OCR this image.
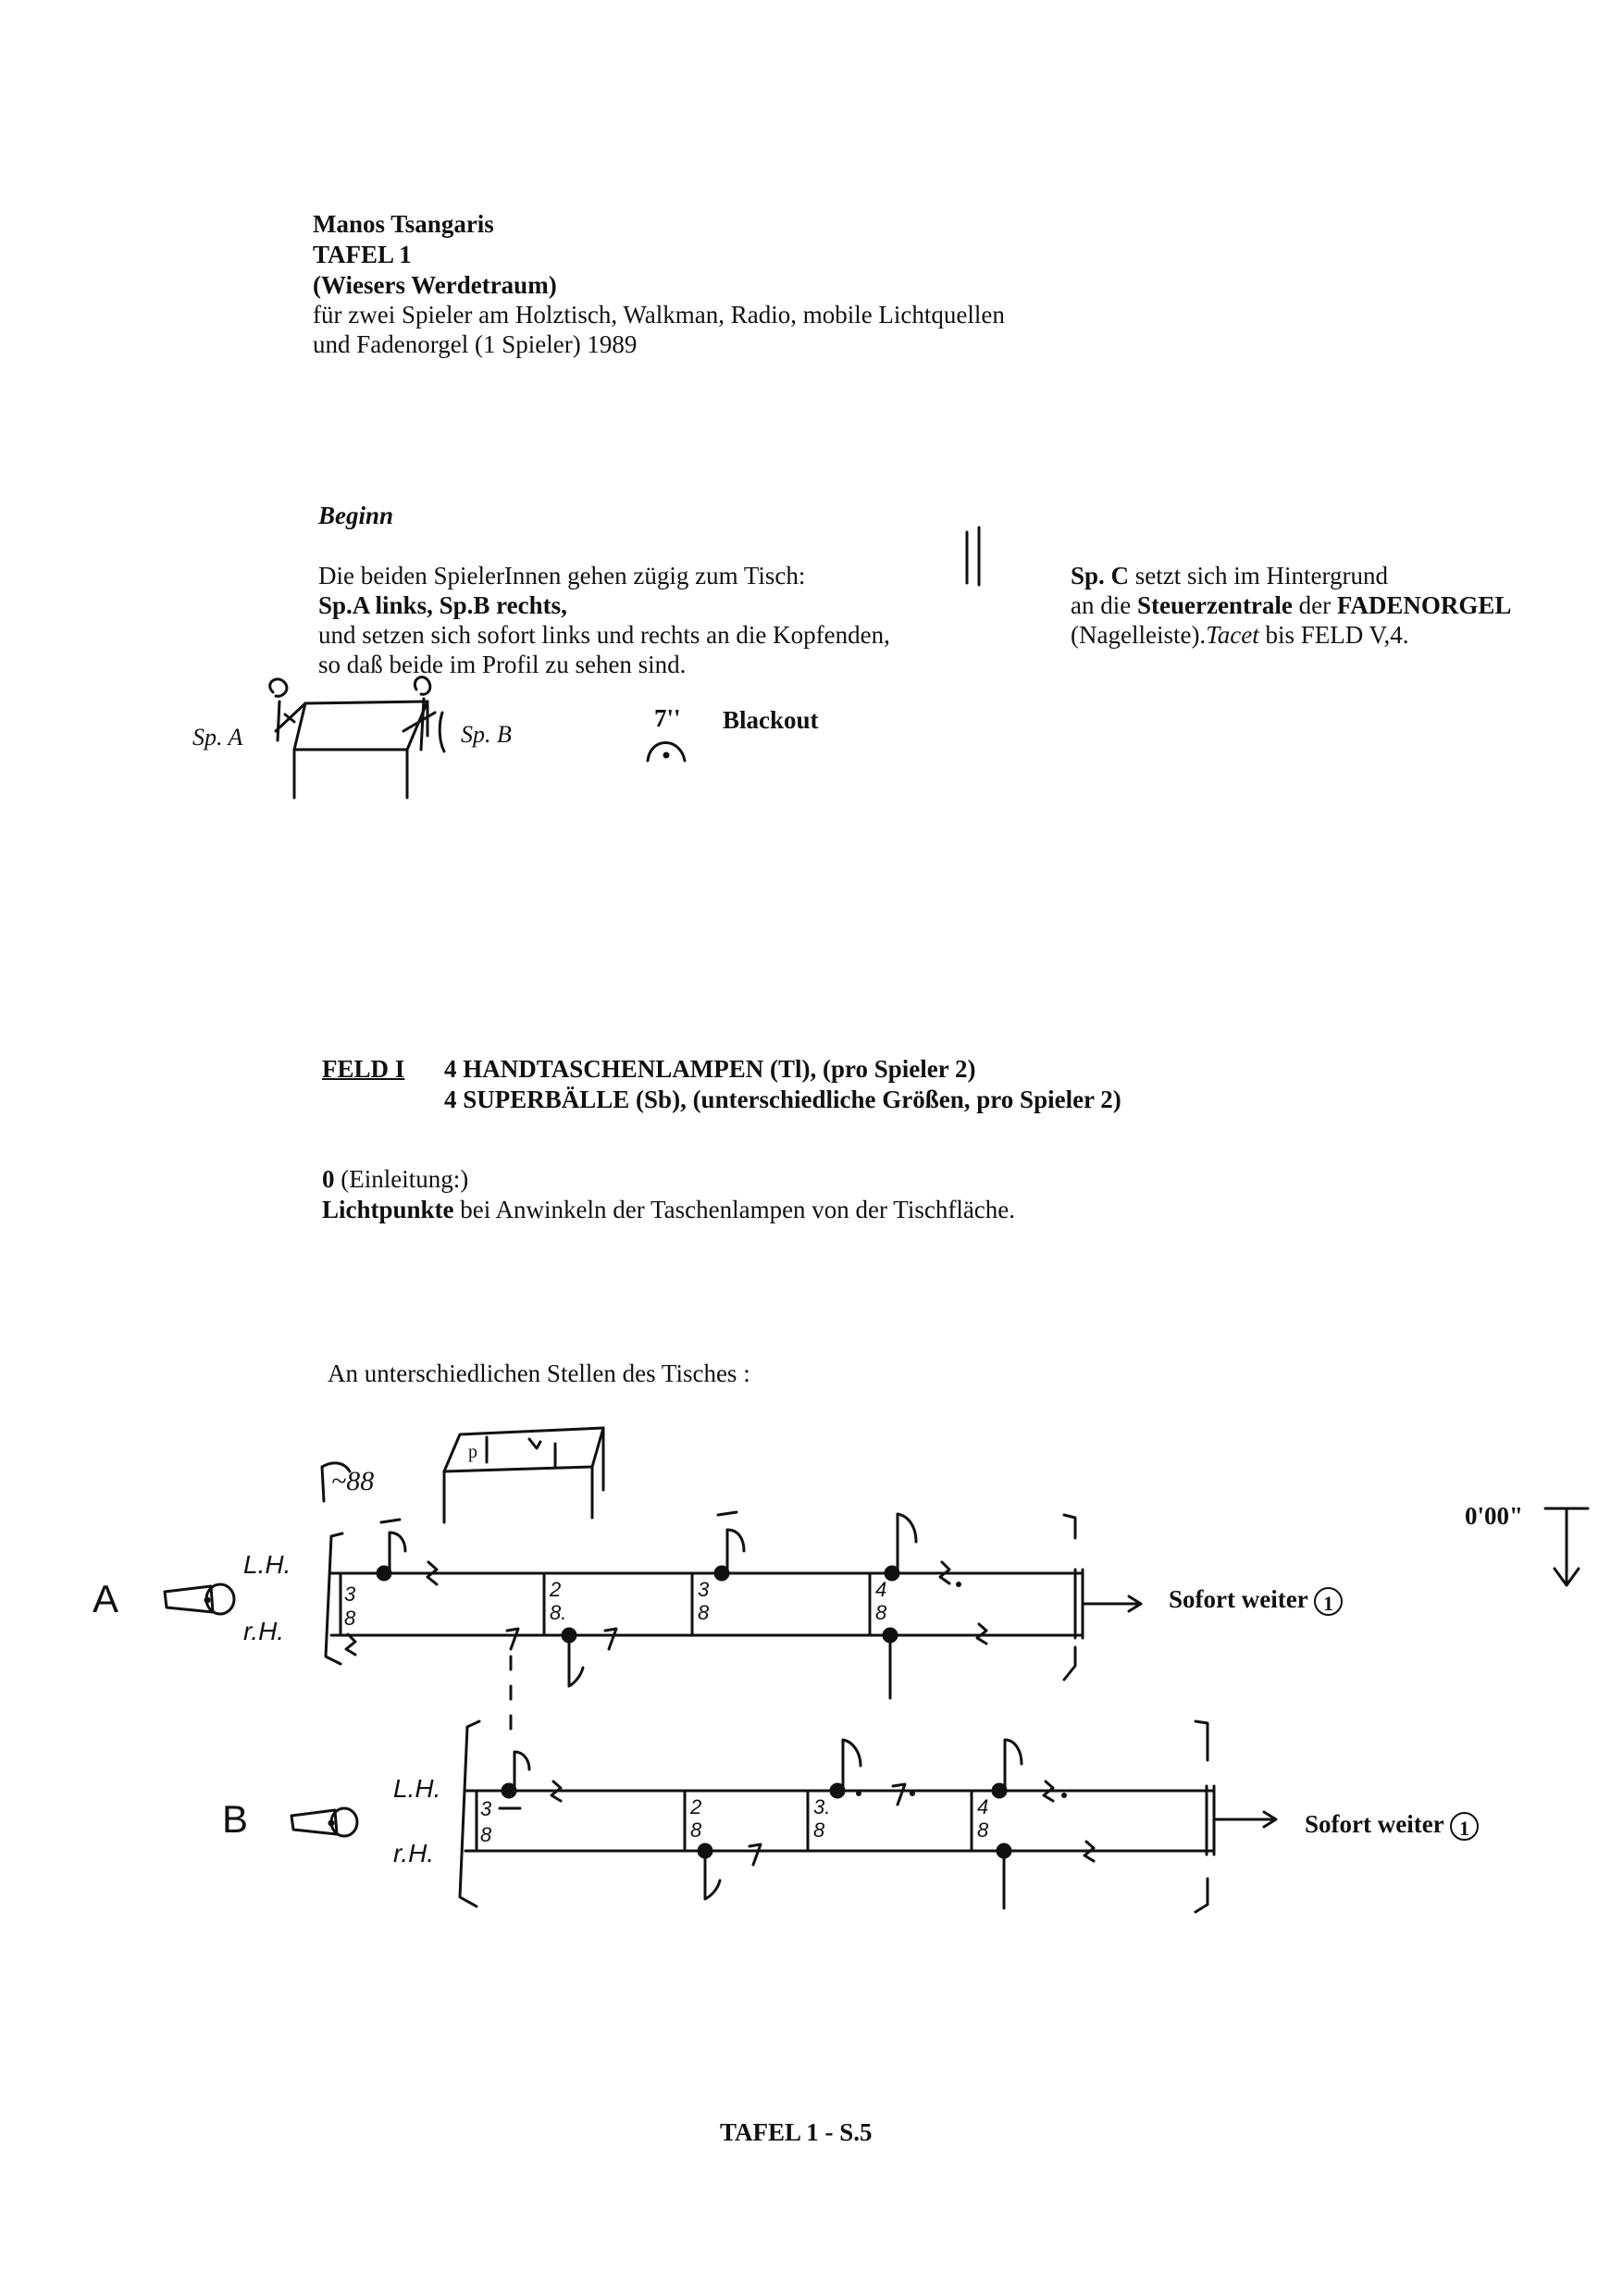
Manos Tsangaris
TAFEL 1
(Wiesers Werdetraum)
für zwei Spieler am Holztisch, Walkman, Radio, mobile Lichtquellen
und Fadenorgel (1 Spieler) 1989
Beginn
Die beiden SpielerInnen gehen zügig zum Tisch:
Sp.A links, Sp.B rechts,
und setzen sich sofort links und rechts an die Kopfenden,
so daß beide im Profil zu sehen sind.
Sp. C setzt sich im Hintergrund
an die Steuerzentrale der FADENORGEL
(Nagelleiste).Tacet bis FELD V,4.
Blackout
FELD I 4 HANDTASCHENLAMPEN (Tl), (pro Spieler 2)
4 SUPERBÄLLE (Sb), (unterschiedliche Größen, pro Spieler 2)
0 (Einleitung:)
Lichtpunkte bei Anwinkeln der Taschenlampen von der Tischfläche.
An unterschiedlichen Stellen des Tisches :
0'00"
Sofort weiter 1
Sofort weiter 1
TAFEL 1 - S.5
Sp. A	Sp. B
7''
~88
p
A
L.H.
r.H.
3
8
2
8.
3
8
4
8
B
L.H.
r.H.
3
8
2
8
3.
8
4
8
